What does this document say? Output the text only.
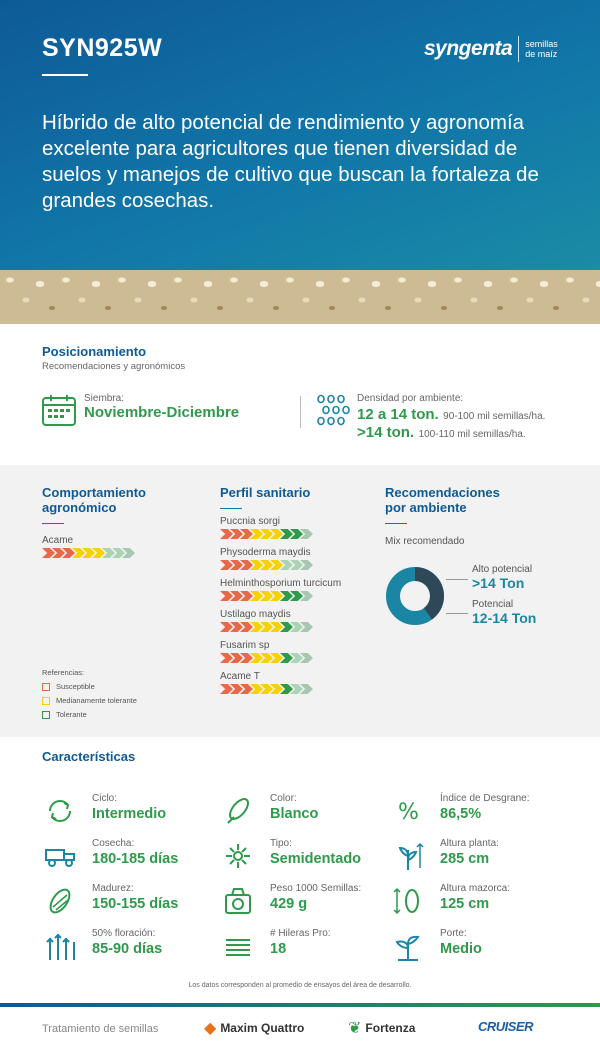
SYN925W	syngenta semillas
de maíz
Híbrido de alto potencial de rendimiento y agronomía excelente para agricultores que tienen diversidad de suelos y manejos de cultivo que buscan la fortaleza de grandes cosechas.
Posicionamiento
Recomendaciones y agronómicos
Siembra:
Noviembre-Diciembre
Densidad por ambiente:
12 a 14 ton. 90-100 mil semillas/ha.
>14 ton. 100-110 mil semillas/ha.
Comportamiento
agronómico
Acame
Referencias:
Susceptible
Medianamente tolerante
Tolerante
Perfil sanitario
Puccnia sorgi
Physoderma maydis
Helminthosporium turcicum
Ustilago maydis
Fusarim sp
Acame T
Recomendaciones
por ambiente
Mix recomendado
Alto potencial
>14 Ton
Potencial
12-14 Ton
Características
Ciclo:
Intermedio
Color:
Blanco	%
Índice de Desgrane:
86,5%
Cosecha:
180-185 días
Tipo:
Semidentado
Altura planta:
285 cm
Madurez:
150-155 días
Peso 1000 Semillas:
429 g
Altura mazorca:
125 cm
50% floración:
85-90 días
# Hileras Pro:
18
Porte:
Medio
Los datos corresponden al promedio de ensayos del área de desarrollo.
Tratamiento de semillas	◆ Maxim Quattro	❦ Fortenza	CRUISER
